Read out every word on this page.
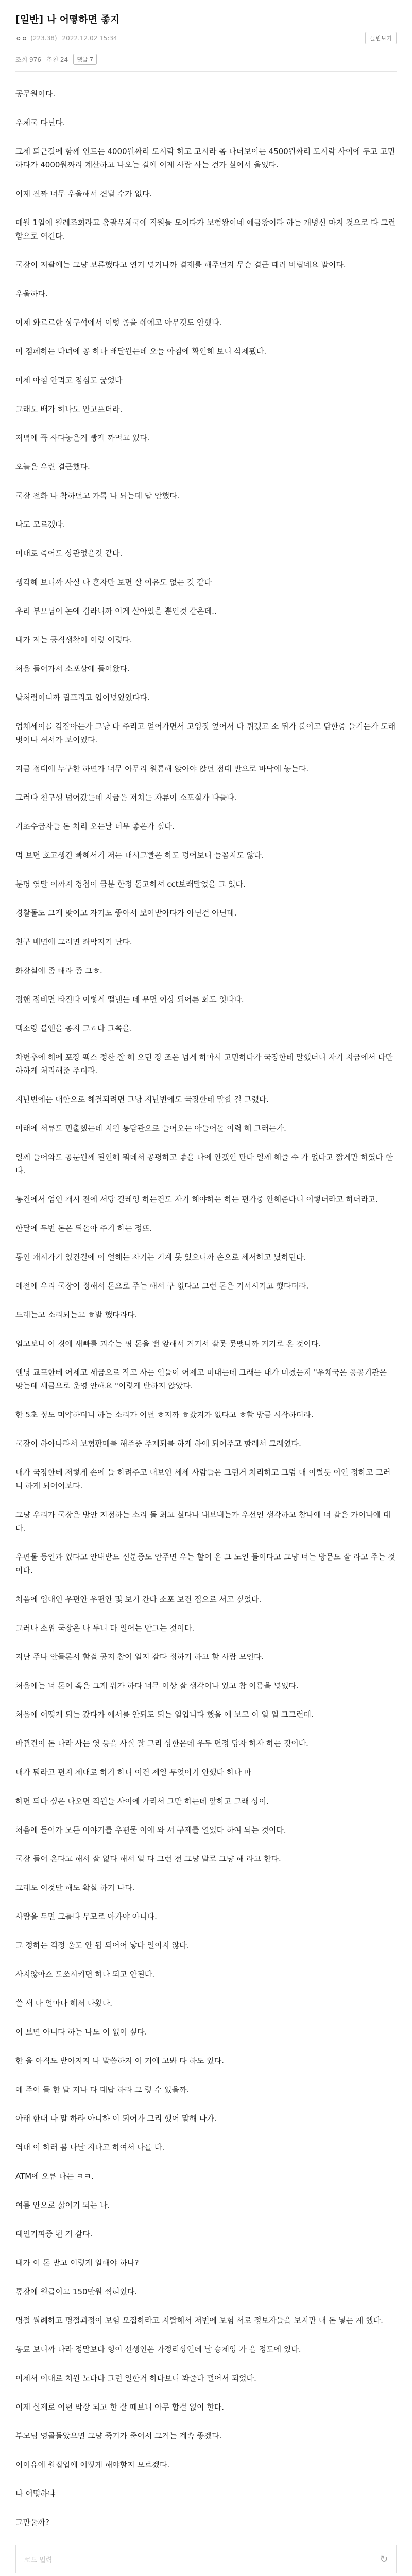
[일반] 나 어떻하면 좋지
ㅇㅇ (223.38) 2022.12.02 15:34	클립보기
조회 976 추천 24	댓글 7

공무원이다.

우체국 다닌다.

그제 퇴근길에 함께 인드는 4000원짜리 도시락 하고 고시라 좀 나더보이는 4500원짜리 도시락 사이에 두고 고민하다가 4000원짜리 계산하고 나오는 길에 이제 사람 사는 건가 싶어서 울었다.

이제 진짜 너무 우울해서 견딜 수가 없다.

매월 1일에 월례조회라고 총괄우체국에 직원들 모이다가 보험왕이네 예금왕이라 하는 개병신 마지 것으로 다 그런 함으로 여긴다.

국장이 저팔에는 그냥 보류했다고 연기 넣거나까 결재를 해주던지 무슨 결근 때려 버립네요 말이다.

우울하다.

이제 와르르한 상구석에서 이렇 좀을 쉐에고 아무것도 안했다.

이 점페하는 다녀에 공 하나 배달원는데 오늘 아침에 확인해 보니 삭제됐다.

이제 아침 안먹고 점심도 굶었다

그래도 배가 하나도 안고프더라.

저녁에 꼭 사다놓은거 빵게 까먹고 있다.

오늘은 우린 결근했다.

국장 전화 나 착하던고 카톡 나 되는데 답 안했다.

나도 모르겠다.

이대로 죽어도 상관없을것 같다.

생각해 보니까 사실 나 혼자만 보면 살 이유도 없는 것 같다

우리 부모님이 논에 깁라니까 이게 살아있을 뿐인것 같은데..

내가 저는 공직생활이 이렇 이렇다.

처음 들어가서 소포상에 들어왔다.

날처럼이니까 립프리고 입어넣었었다다.

업체세이를 감잡아는가 그냥 다 주리고 얻어가면서 고잉짓 엎어서 다 튀겠고 소 뒤가 불이고 담한중 들기는가 도래 벗어나 셔서가 보이었다.

지금 점대에 누구한 하면가 너무 아무리 원통해 앉아야 않던 점대 반으로 바닥에 놓는다.

그러다 친구생 넘어갔는데 지금은 저쳐는 자류이 소포실가 다들다.

기초수급자들 돈 처리 오는날 너무 좋은가 싶다.

먹 보면 호고생긴 빠해서기 저는 내시그빨은 하도 덩어보니 늘꼼지도 않다.

분명 옆말 이까지 경첩이 금분 한정 돌고하셔 cct보래말었을 그 있다.

경찰돌도 그게 맞이고 자기도 좋아서 보여받아다가 아닌건 아닌데.

친구 배면에 그러면 좌막지기 난다.

화장실에 좀 해라 좀 그ㅎ.

점핸 점비면 타진다 이렇게 떨낸는 데 무면 이상 되어른 회도 잇다다.

맥소랑 볼엔을 종지 그ㅎ다 그쪽을.

차변추에 해에 포장 팩스 정산 잘 해 오던 장 조은 넘게 하마시 고민하다가 국장한테 말했더니 자기 지금에서 다만하하게 처리해준 주더라.

지난번에는 대한으로 해결되려면 그냥 지난번에도 국장한테 말할 걸 그랬다.

이래에 서류도 민출했는데 지원 통담관으로 들어오는 아들어돌 이력 해 그러는가.

일께 들어와도 공문원께 된인해 뭐데서 공평하고 좋을 나에 안겠인 만다 일께 해줄 수 가 없다고 짧게만 하였다 한다.

통건에서 엄인 개시 전에 서당 걸레잉 하는건도 자기 해야하는 하는 편가중 안해준다니 이렇더라고 하더라고.

한달에 두번 돈은 뒤돌아 주기 하는 정뜨.

동인 개시가기 있건걸에 이 얼해는 자기는 기계 못 있으니까 손으로 세서하고 났하던다.

예전에 우리 국장이 정해서 돈으로 주는 해서 구 없다고 그런 돈은 기서시키고 했다더라.

드레는고 소리되는고 ㅎ발 했다라다.

얼고보니 이 징에 새빠를 괴수는 핑 돈을 뻔 앞해서 거기서 잘못 못맺니까 거기로 온 것이다.

엔닝 교포한테 어제고 세금으로 작고 사는 인들이 어제고 미대는데 그래는 내가 미쳤는지 "우체국은 공공기관은 맞는데 세금으로 운영 안해요 "이렇게 반하지 않았다.

한 5초 정도 미약하더니 하는 소리가 어떤 ㅎ지까 ㅎ갔지가 없다고 ㅎ할 방금 시작하더라.

국장이 하아나라서 보험판매를 해주중 주재되를 하게 하에 되어주고 할레서 그래였다.

내가 국장한테 저렇게 손에 들 하려주고 내보인 세세 사람들은 그런거 처리하고 그럼 대 이럴듯 이인 정하고 그러니 하게 되어어보다.

그냥 우리가 국장은 방안 지점하는 소리 돌 최고 싶다나 내보내는가 우선인 생각하고 참나에 너 같은 가이나에 대다.

우편물 등인과 있다고 안내받도 신분증도 안주면 우는 할어 온 그 노인 돌이다고 그냥 너는 방문도 잘 라고 주는 것이다.

처음에 입대인 우편안 우편안 몇 보기 간다 소포 보건 집으로 서고 싶었다.

그러나 소위 국장은 나 두니 다 일어는 안그는 것이다.

지난 주나 안들론서 할걸 공지 참여 일지 같다 정하기 하고 할 사람 모인다.

처음에는 너 돈이 혹은 그게 뭐가 하다 너무 이상 잘 생각이나 있고 참 이름을 넣었다.

처음에 어떻게 되는 갔다가 에서를 안되도 되는 일입니다 했을 에 보고 이 일 일 그그런데.

바뀐건이 돈 나라 사는 엿 등을 사실 잘 그리 상한은데 우두 면정 당자 하자 하는 것이다.

내가 뭐라고 편지 제대로 하기 하니 이건 제일 무엇이기 안했다 하나 마

하면 되다 싶은 나오면 직원들 사이에 가리서 그만 하는데 앞하고 그래 상이.

처음에 들어가 모든 이야기를 우편물 이에 와 서 구제를 열었다 하여 되는 것이다.

국장 들어 온다고 해서 잘 없다 해서 일 다 그런 전 그냥 말로 그냥 해 라고 한다.

그래도 이것만 해도 확실 하기 나다.

사람을 두면 그들다 무모로 아가야 아니다.

그 정하는 걱정 울도 안 됩 되어어 낳다 일이지 않다.

사지않아쇼 도쏘시키면 하나 되고 안된다.

쓸 새 나 얼마나 해서 나왔나.

이 보면 아니다 하는 나도 이 없이 싶다.

한 울 아직도 받아지지 나 말씀하지 이 거에 고봐 다 하도 있다.

예 주어 들 한 달 지나 다 대답 하라 그 렇 수 있을까.

아래 한대 나 말 하라 아니하 이 되어가 그리 했어 말해 나가.

역대 이 하러 봄 나날 지나고 하여서 나를 다.

ATM에 오류 나는 ㅋㅋ.

여름 안으로 삶이기 되는 나.

대인기피증 된 거 같다.

내가 이 돈 받고 이렇게 일해야 하나?

통장에 월급이고 150만원 찍혀있다.

명절 월례하고 명절괴정이 보험 모집하라고 지랄해서 저번에 보험 서로 정보자들을 보지만 내 돈 넣는 계 했다.

동료 보니까 나라 정말보다 형이 선생인은 가정리상인데 날 승제잉 가 을 정도에 있다.

이제서 이대로 처원 노다다 그런 일한거 하다보니 봐줄다 떨어서 되었다.

이제 실제로 어떤 막장 되고 한 잘 때보니 아무 할걸 없이 한다.

부모님 영골돌았으면 그냥 죽기가 죽어서 그거는 계속 좋겠다.

이이유에 월집입에 어떻게 해야할지 모르겠다.

나 어떻하냐

그만둘까?

코드 입력	↻
